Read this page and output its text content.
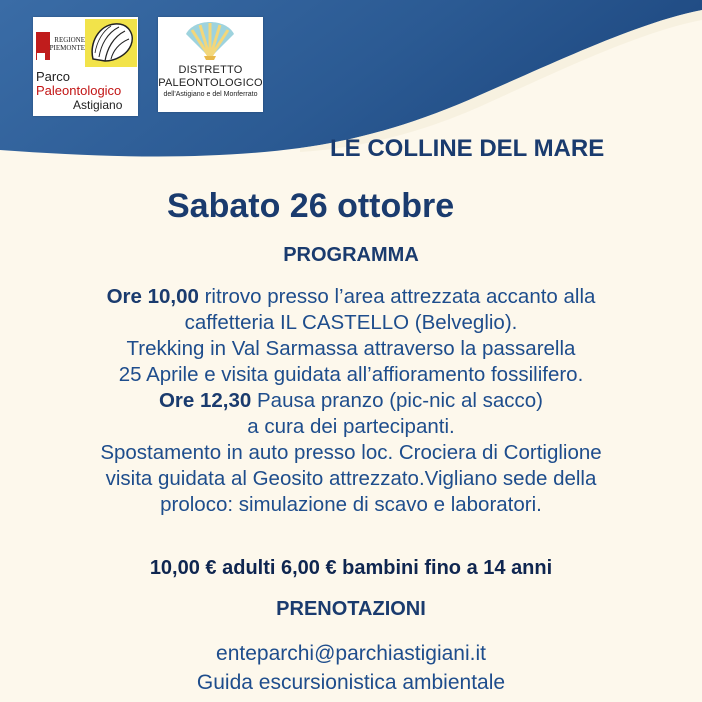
REGIONE
PIEMONTE
Parco
Paleontologico
Astigiano
DISTRETTO
PALEONTOLOGICO
dell'Astigiano e del Monferrato
LE COLLINE DEL MARE
Sabato 26 ottobre
PROGRAMMA
Ore 10,00 ritrovo presso l’area attrezzata accanto alla
caffetteria IL CASTELLO (Belveglio).
Trekking in Val Sarmassa attraverso la passarella
25 Aprile e visita guidata all’affioramento fossilifero.
Ore 12,30 Pausa pranzo (pic-nic al sacco)
a cura dei partecipanti.
Spostamento in auto presso loc. Crociera di Cortiglione
visita guidata al Geosito attrezzato.Vigliano sede della
proloco: simulazione di scavo e laboratori.
10,00 € adulti 6,00 € bambini fino a 14 anni
PRENOTAZIONI
enteparchi@parchiastigiani.it
Guida escursionistica ambientale
